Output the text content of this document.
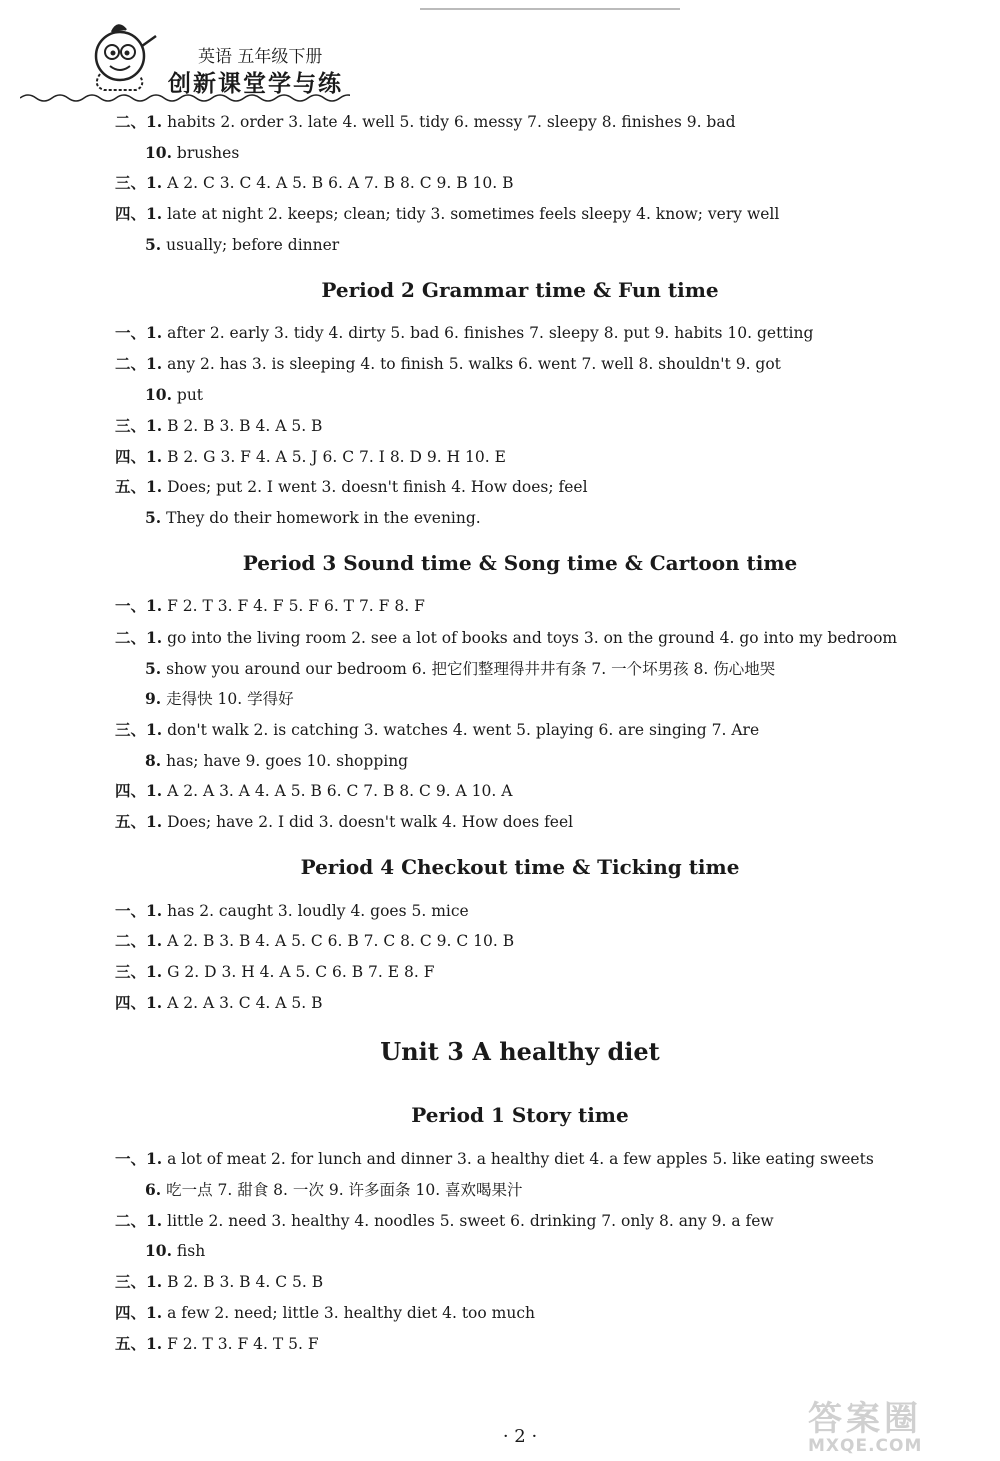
英语 五年级下册
创新课堂学与练
二、1. habits 2. order 3. late 4. well 5. tidy 6. messy 7. sleepy 8. finishes 9. bad
10. brushes
三、1. A 2. C 3. C 4. A 5. B 6. A 7. B 8. C 9. B 10. B
四、1. late at night 2. keeps; clean; tidy 3. sometimes feels sleepy 4. know; very well
5. usually; before dinner
Period 2 Grammar time & Fun time
一、1. after 2. early 3. tidy 4. dirty 5. bad 6. finishes 7. sleepy 8. put 9. habits 10. getting
二、1. any 2. has 3. is sleeping 4. to finish 5. walks 6. went 7. well 8. shouldn't 9. got
10. put
三、1. B 2. B 3. B 4. A 5. B
四、1. B 2. G 3. F 4. A 5. J 6. C 7. I 8. D 9. H 10. E
五、1. Does; put 2. I went 3. doesn't finish 4. How does; feel
5. They do their homework in the evening.
Period 3 Sound time & Song time & Cartoon time
一、1. F 2. T 3. F 4. F 5. F 6. T 7. F 8. F
二、1. go into the living room 2. see a lot of books and toys 3. on the ground 4. go into my bedroom
5. show you around our bedroom 6. 把它们整理得井井有条 7. 一个坏男孩 8. 伤心地哭
9. 走得快 10. 学得好
三、1. don't walk 2. is catching 3. watches 4. went 5. playing 6. are singing 7. Are
8. has; have 9. goes 10. shopping
四、1. A 2. A 3. A 4. A 5. B 6. C 7. B 8. C 9. A 10. A
五、1. Does; have 2. I did 3. doesn't walk 4. How does feel
Period 4 Checkout time & Ticking time
一、1. has 2. caught 3. loudly 4. goes 5. mice
二、1. A 2. B 3. B 4. A 5. C 6. B 7. C 8. C 9. C 10. B
三、1. G 2. D 3. H 4. A 5. C 6. B 7. E 8. F
四、1. A 2. A 3. C 4. A 5. B
Unit 3 A healthy diet
Period 1 Story time
一、1. a lot of meat 2. for lunch and dinner 3. a healthy diet 4. a few apples 5. like eating sweets
6. 吃一点 7. 甜食 8. 一次 9. 许多面条 10. 喜欢喝果汁
二、1. little 2. need 3. healthy 4. noodles 5. sweet 6. drinking 7. only 8. any 9. a few
10. fish
三、1. B 2. B 3. B 4. C 5. B
四、1. a few 2. need; little 3. healthy diet 4. too much
五、1. F 2. T 3. F 4. T 5. F
· 2 ·	答案圈
MXQE.COM
